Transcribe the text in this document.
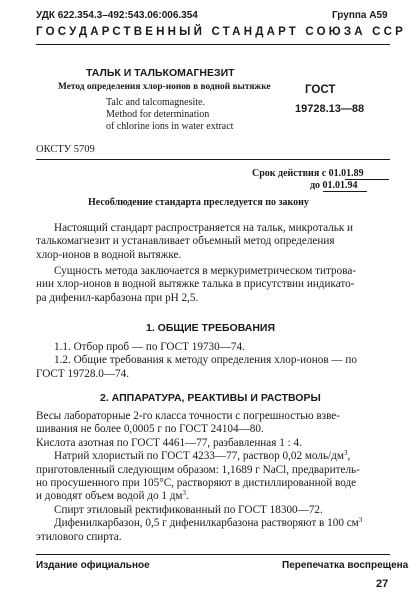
УДК 622.354.3–492:543.06:006.354	Группа А59
ГОСУДАРСТВЕННЫЙ СТАНДАРТ СОЮЗА ССР
ТАЛЬК И ТАЛЬКОМАГНЕЗИТ
Метод определения хлор-ионов в водной вытяжке
Talc and talcomagnesite.
Method for determination
of chlorine ions in water extract
ГОСТ
19728.13—88
ОКСТУ 5709
Срок действия с 01.01.89
до 01.01.94
Несоблюдение стандарта преследуется по закону
Настоящий стандарт распространяется на тальк, микротальк и
талькомагнезит и устанавливает объемный метод определения
хлор-ионов в водной вытяжке.
Сущность метода заключается в меркуриметрическом титрова-
нии хлор-ионов в водной вытяжке талька в присутствии индикато-
ра дифенил-карбазона при рН 2,5.
1. ОБЩИЕ ТРЕБОВАНИЯ
1.1. Отбор проб — по ГОСТ 19730—74.
1.2. Общие требования к методу определения хлор-ионов — по
ГОСТ 19728.0—74.
2. АППАРАТУРА, РЕАКТИВЫ И РАСТВОРЫ
Весы лабораторные 2-го класса точности с погрешностью взве-
шивания не более 0,0005 г по ГОСТ 24104—80.
Кислота азотная по ГОСТ 4461—77, разбавленная 1 : 4.
Натрий хлористый по ГОСТ 4233—77, раствор 0,02 моль/$дм^3$,
приготовленный следующим образом: 1,1689 г NaCl, предваритель-
но просушенного при 105°С, растворяют в дистиллированной воде
и доводят объем водой до 1 $дм^3$.
Спирт этиловый ректификованный по ГОСТ 18300—72.
Дифенилкарбазон, 0,5 г дифенилкарбазона растворяют в 100 $см^3$
этилового спирта.
Издание официальное	Перепечатка воспрещена
27
